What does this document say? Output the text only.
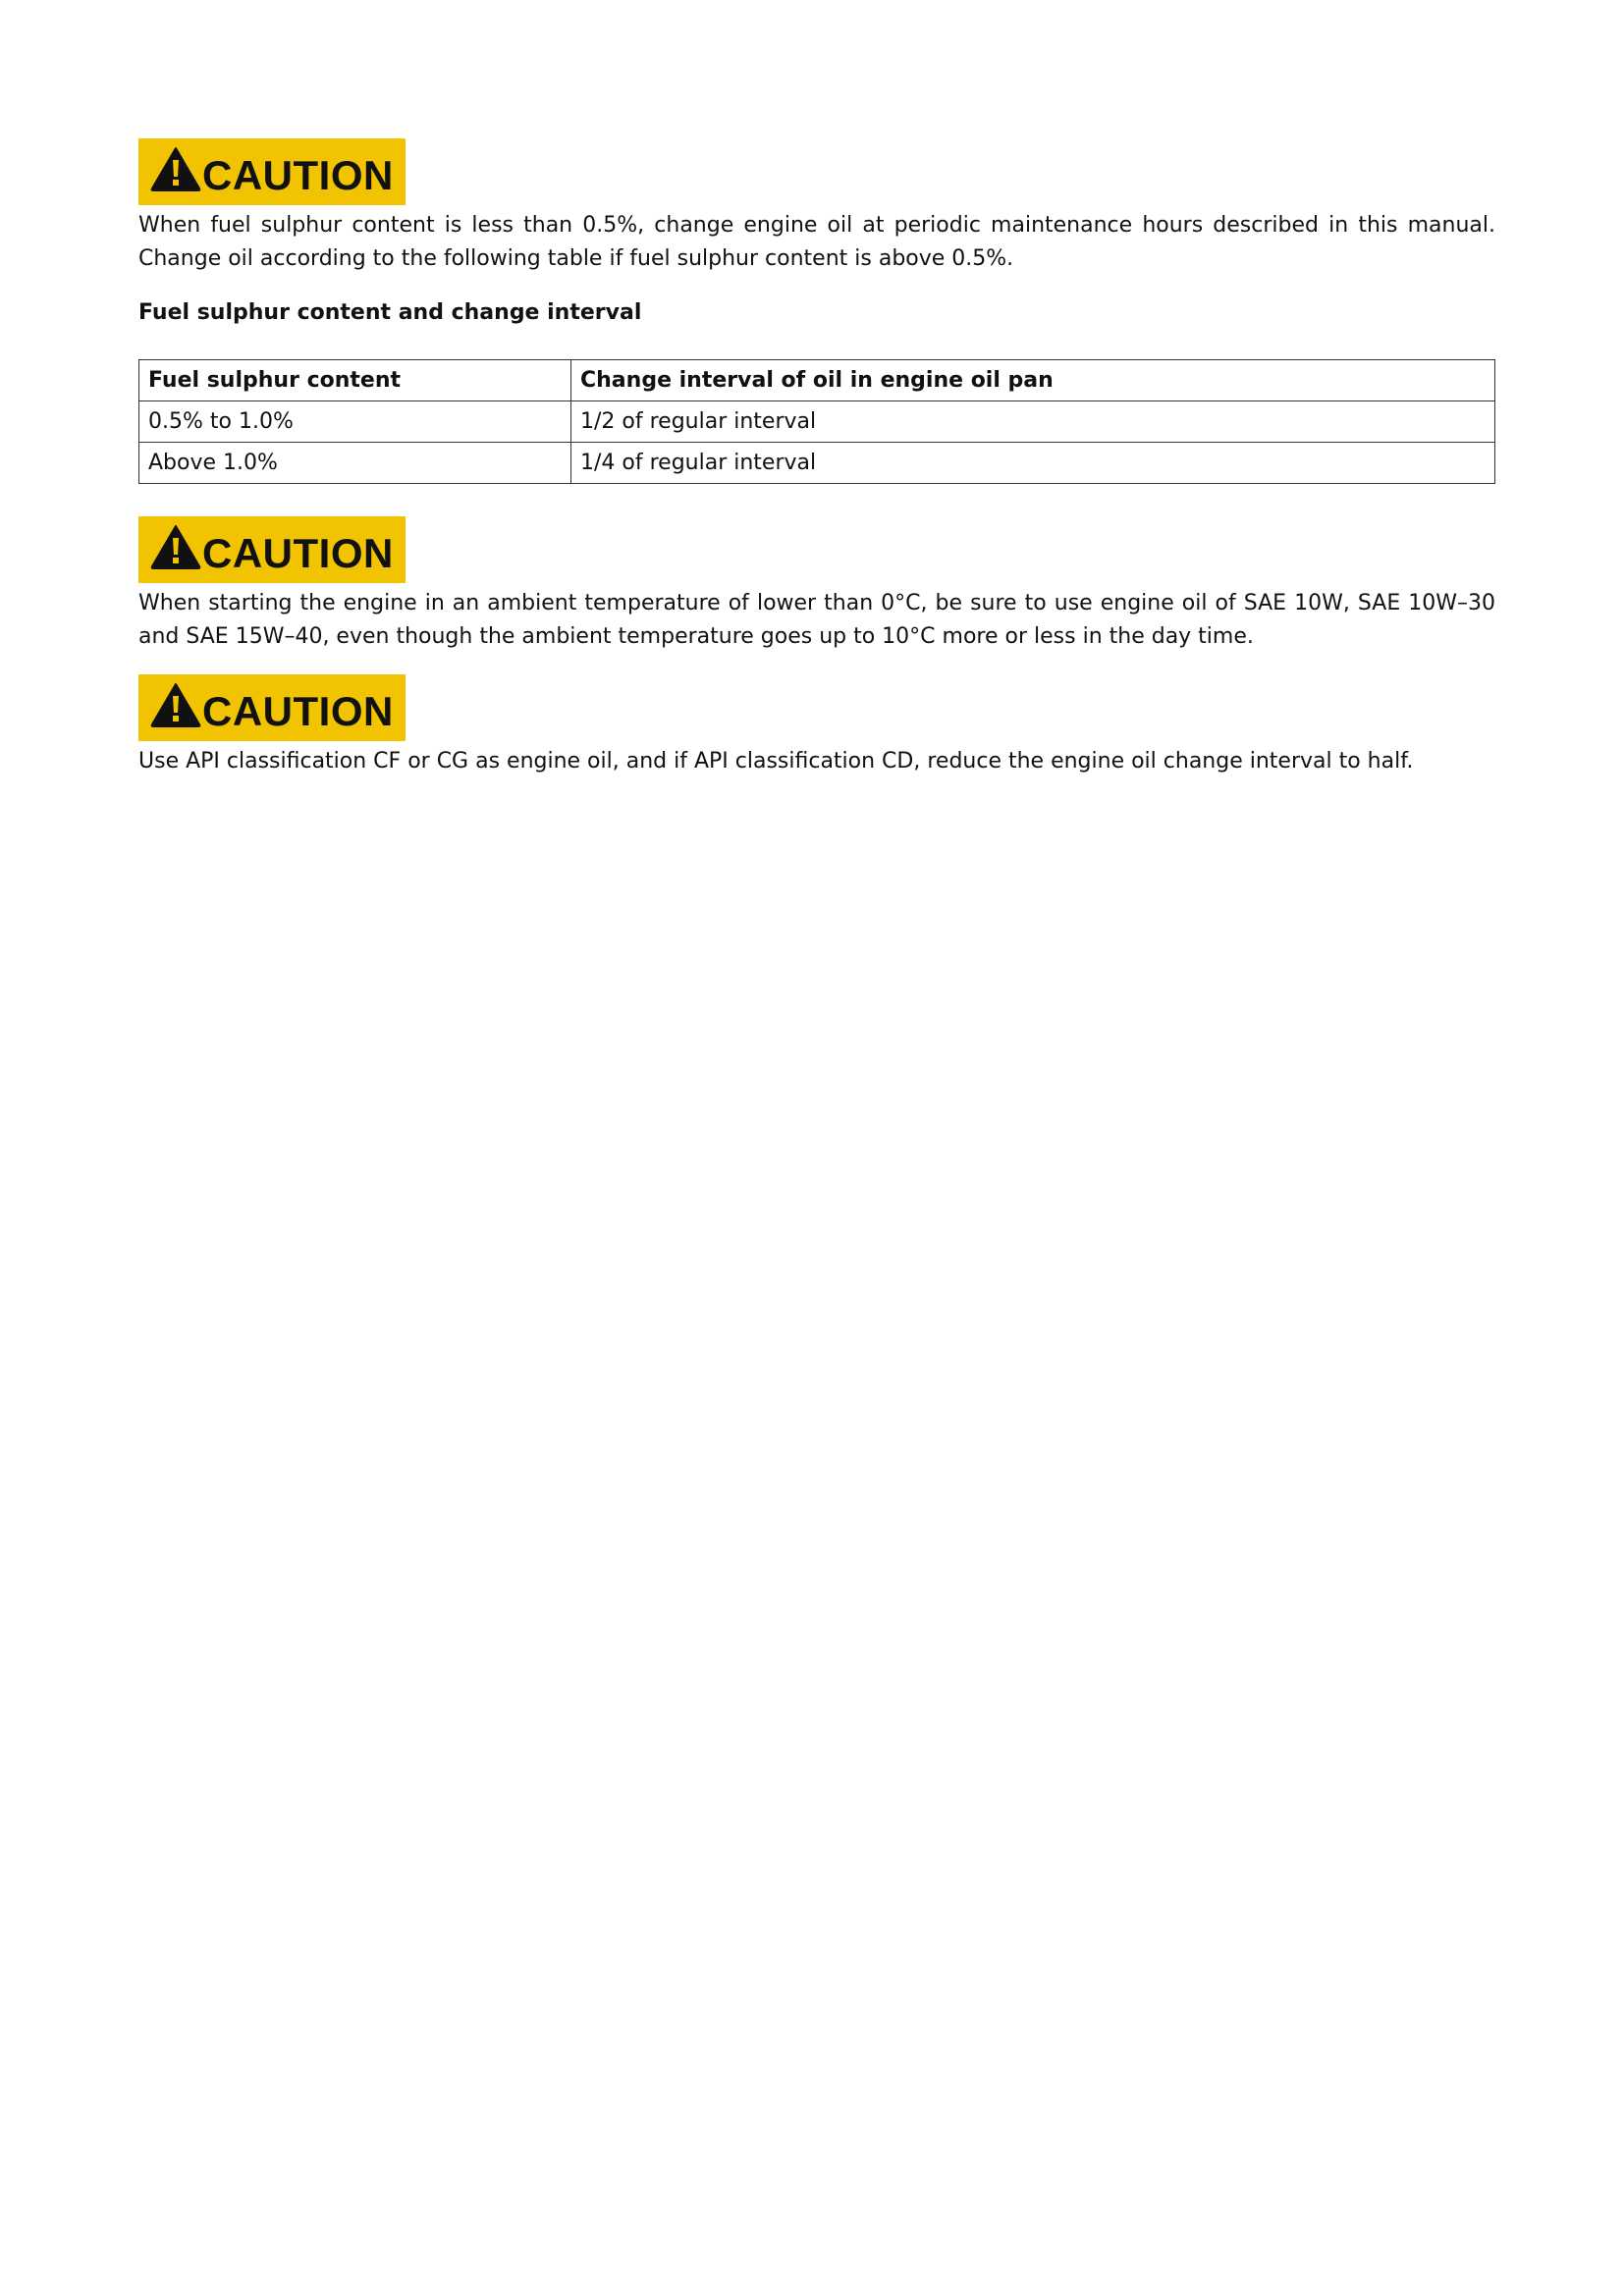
CAUTION

When fuel sulphur content is less than 0.5%, change engine oil at periodic maintenance hours described in this manual. Change oil according to the following table if fuel sulphur content is above 0.5%.

Fuel sulphur content and change interval

Fuel sulphur content	Change interval of oil in engine oil pan
0.5% to 1.0%	1/2 of regular interval
Above 1.0%	1/4 of regular interval
CAUTION

When starting the engine in an ambient temperature of lower than 0°C, be sure to use engine oil of SAE 10W, SAE 10W–30 and SAE 15W–40, even though the ambient temperature goes up to 10°C more or less in the day time.

CAUTION

Use API classification CF or CG as engine oil, and if API classification CD, reduce the engine oil change interval to half.
